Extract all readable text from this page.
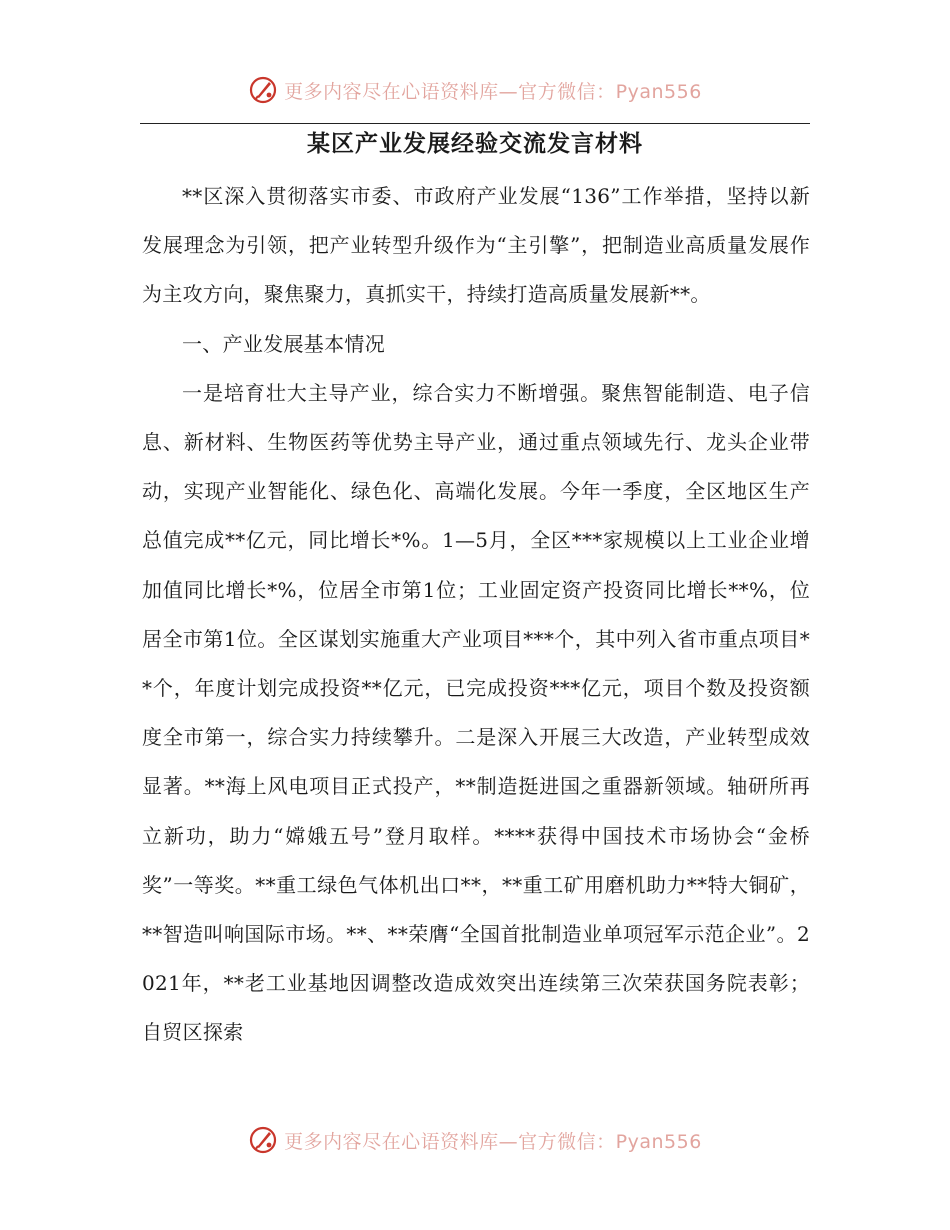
更多内容尽在心语资料库—官方微信：Pyan556
某区产业发展经验交流发言材料

**区深入贯彻落实市委、市政府产业发展“136”工作举措，坚持以新发展理念为引领，把产业转型升级作为“主引擎”，把制造业高质量发展作为主攻方向，聚焦聚力，真抓实干，持续打造高质量发展新**。

一、产业发展基本情况

一是培育壮大主导产业，综合实力不断增强。聚焦智能制造、电子信息、新材料、生物医药等优势主导产业，通过重点领域先行、龙头企业带动，实现产业智能化、绿色化、高端化发展。今年一季度，全区地区生产总值完成**亿元，同比增长*%。1—5月，全区***家规模以上工业企业增加值同比增长*%，位居全市第1位；工业固定资产投资同比增长**%，位居全市第1位。全区谋划实施重大产业项目***个，其中列入省市重点项目**个，年度计划完成投资**亿元，已完成投资***亿元，项目个数及投资额度全市第一，综合实力持续攀升。二是深入开展三大改造，产业转型成效显著。**海上风电项目正式投产，**制造挺进国之重器新领域。轴研所再立新功，助力“嫦娥五号”登月取样。****获得中国技术市场协会“金桥奖”一等奖。**重工绿色气体机出口**，**重工矿用磨机助力**特大铜矿，**智造叫响国际市场。**、**荣膺“全国首批制造业单项冠军示范企业”。2021年，**老工业基地因调整改造成效突出连续第三次荣获国务院表彰；自贸区探索

更多内容尽在心语资料库—官方微信：Pyan556
